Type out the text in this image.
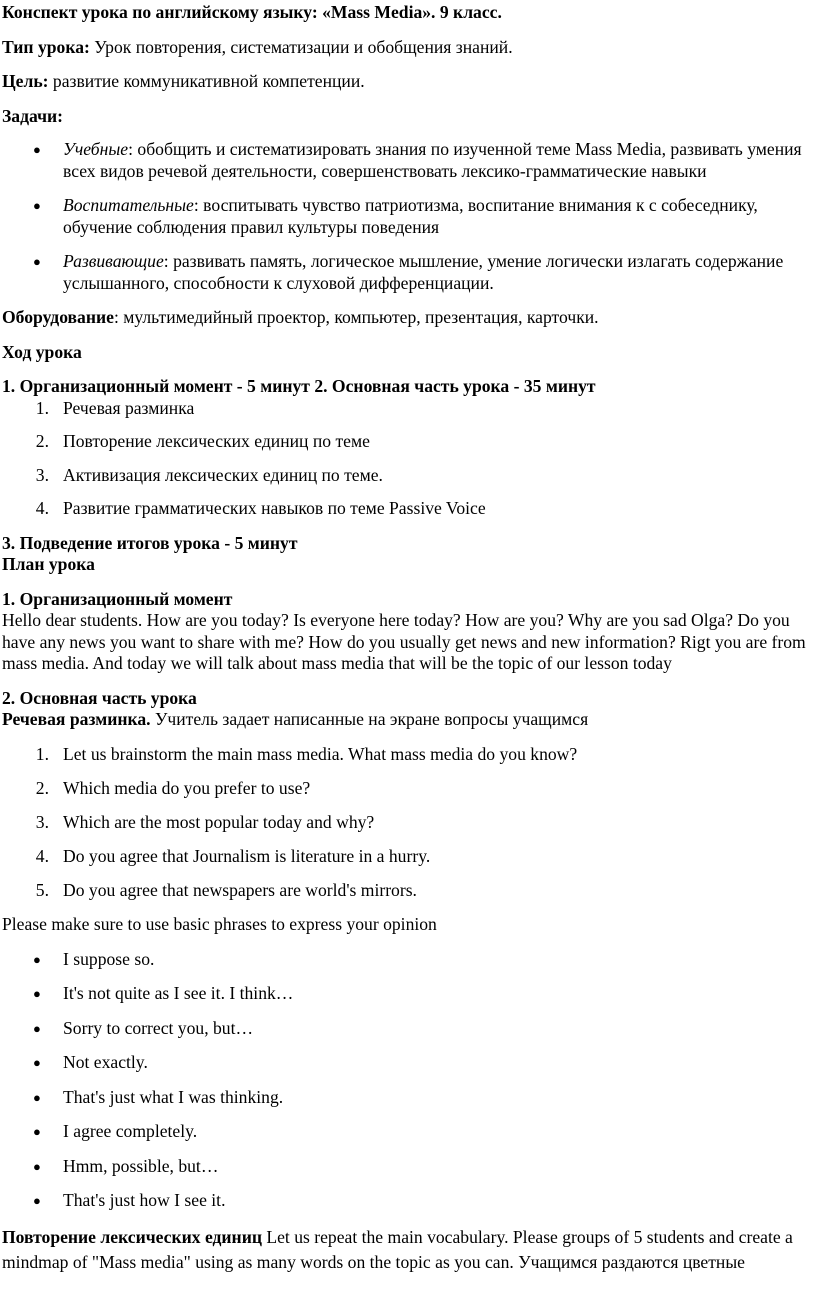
Конспект урока по английскому языку: «Mass Media». 9 класс.

Тип урока: Урок повторения, систематизации и обобщения знаний.

Цель: развитие коммуникативной компетенции.

Задачи:

● Учебные: обобщить и систематизировать знания по изученной теме Mass Media, развивать умения всех видов речевой деятельности, совершенствовать лексико-грамматические навыки
● Воспитательные: воспитывать чувство патриотизма, воспитание внимания к с собеседнику, обучение соблюдения правил культуры поведения
● Развивающие: развивать память, логическое мышление, умение логически излагать содержание услышанного, способности к слуховой дифференциации.

Оборудование: мультимедийный проектор, компьютер, презентация, карточки.

Ход урока

1. Организационный момент - 5 минут 2. Основная часть урока - 35 минут

1. Речевая разминка
2. Повторение лексических единиц по теме
3. Активизация лексических единиц по теме.
4. Развитие грамматических навыков по теме Passive Voice

3. Подведение итогов урока - 5 минут

План урока

1. Организационный момент

Hello dear students. How are you today? Is everyone here today? How are you? Why are you sad Olga? Do you have any news you want to share with me? How do you usually get news and new information? Rigt you are from mass media. And today we will talk about mass media that will be the topic of our lesson today

2. Основная часть урока

Речевая разминка. Учитель задает написанные на экране вопросы учащимся

1. Let us brainstorm the main mass media. What mass media do you know?
2. Which media do you prefer to use?
3. Which are the most popular today and why?
4. Do you agree that Journalism is literature in a hurry.
5. Do you agree that newspapers are world's mirrors.

Please make sure to use basic phrases to express your opinion

● I suppose so.
● It's not quite as I see it. I think…
● Sorry to correct you, but…
● Not exactly.
● That's just what I was thinking.
● I agree completely.
● Hmm, possible, but…
● That's just how I see it.

Повторение лексических единиц Let us repeat the main vocabulary. Please groups of 5 students and create a mindmap of "Mass media" using as many words on the topic as you can. Учащимся раздаются цветные
